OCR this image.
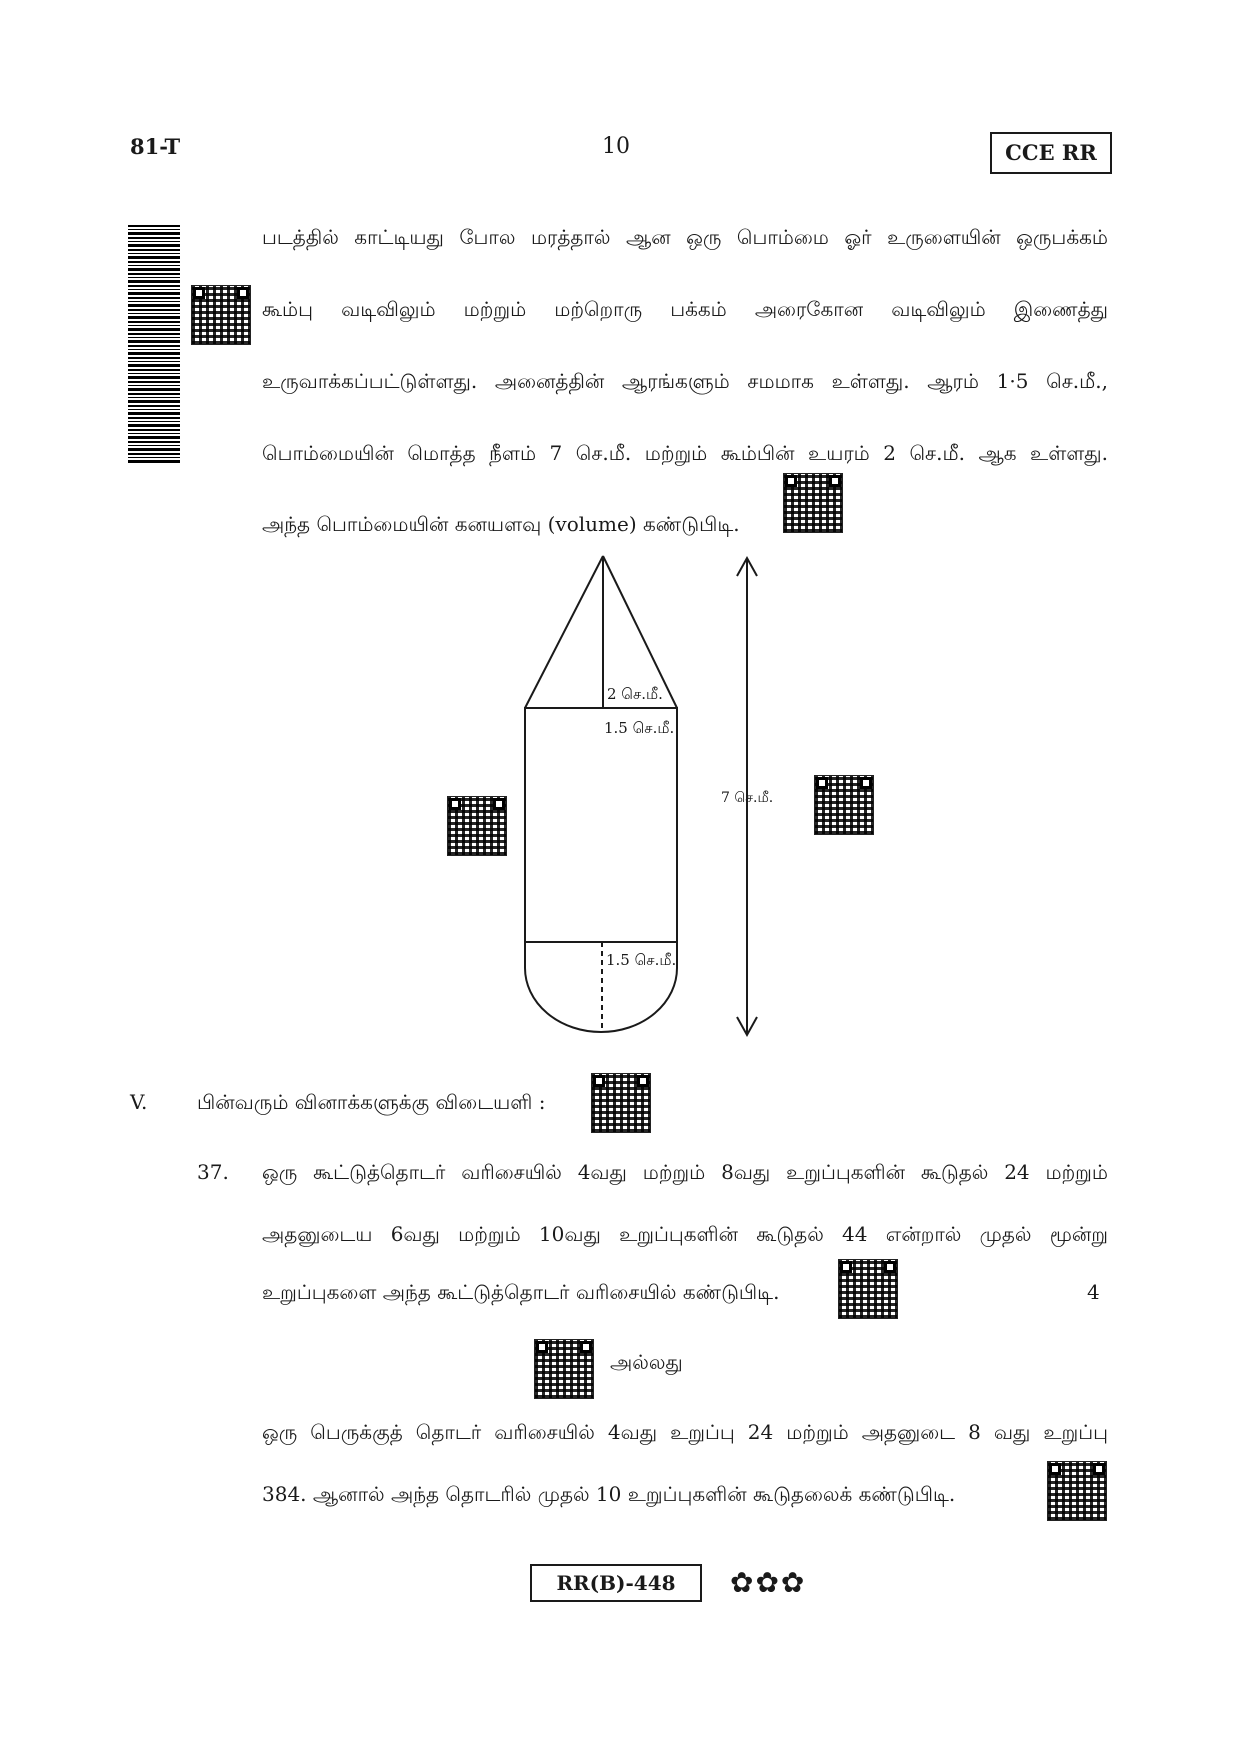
81-T	10	CCE RR
படத்தில் காட்டியது போல மரத்தால் ஆன ஒரு பொம்மை ஓர் உருளையின் ஒருபக்கம்
கூம்பு வடிவிலும் மற்றும் மற்றொரு பக்கம் அரைகோன வடிவிலும் இணைத்து
உருவாக்கப்பட்டுள்ளது. அனைத்தின் ஆரங்களும் சமமாக உள்ளது. ஆரம் 1·5 செ.மீ.,
பொம்மையின் மொத்த நீளம் 7 செ.மீ. மற்றும் கூம்பின் உயரம் 2 செ.மீ. ஆக உள்ளது.
அந்த பொம்மையின் கனயளவு (volume) கண்டுபிடி.
2 செ.மீ.
1.5 செ.மீ.
7 செ.மீ.
1.5 செ.மீ.
V. பின்வரும் வினாக்களுக்கு விடையளி :
37. ஒரு கூட்டுத்தொடர் வரிசையில் 4வது மற்றும் 8வது உறுப்புகளின் கூடுதல் 24 மற்றும்
அதனுடைய 6வது மற்றும் 10வது உறுப்புகளின் கூடுதல் 44 என்றால் முதல் மூன்று
உறுப்புகளை அந்த கூட்டுத்தொடர் வரிசையில் கண்டுபிடி.	4
அல்லது
ஒரு பெருக்குத் தொடர் வரிசையில் 4வது உறுப்பு 24 மற்றும் அதனுடை 8 வது உறுப்பு
384. ஆனால் அந்த தொடரில் முதல் 10 உறுப்புகளின் கூடுதலைக் கண்டுபிடி.
RR(B)-448	✿✿✿
